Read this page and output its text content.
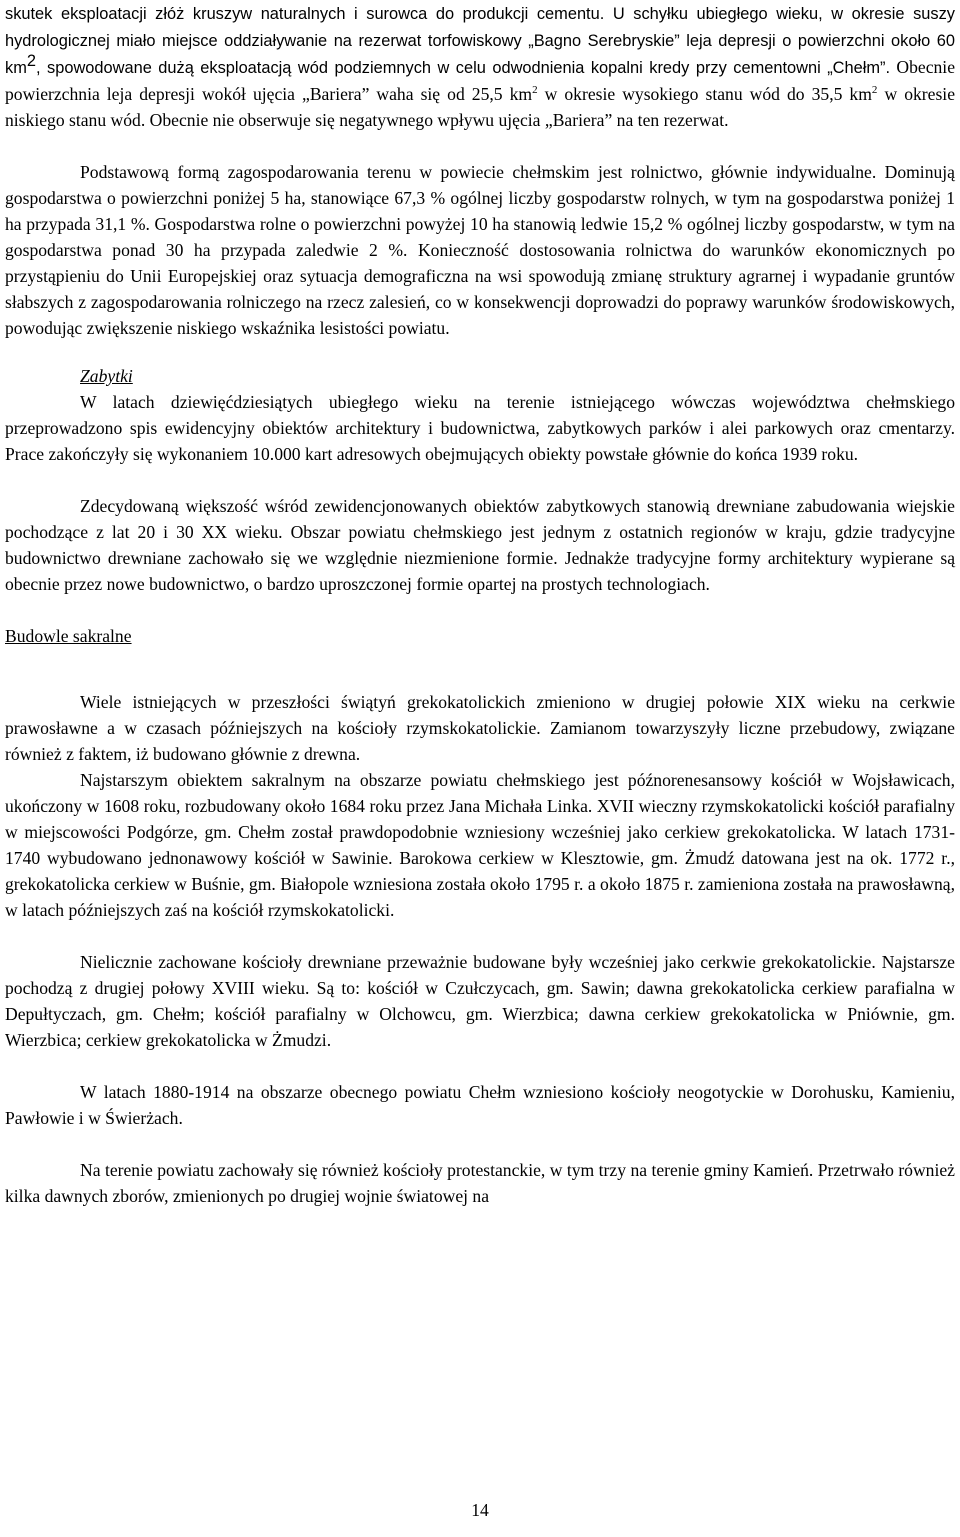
skutek eksploatacji złóż kruszyw naturalnych i surowca do produkcji cementu. U schyłku ubiegłego wieku, w okresie suszy hydrologicznej miało miejsce oddziaływanie na rezerwat torfowiskowy „Bagno Serebryskie” leja depresji o powierzchni około 60 $km^2$, spowodowane dużą eksploatacją wód podziemnych w celu odwodnienia kopalni kredy przy cementowni „Chełm”. Obecnie powierzchnia leja depresji wokół ujęcia „Bariera” waha się od 25,5 $km^2$ w okresie wysokiego stanu wód do 35,5 $km^2$ w okresie niskiego stanu wód. Obecnie nie obserwuje się negatywnego wpływu ujęcia „Bariera” na ten rezerwat.

Podstawową formą zagospodarowania terenu w powiecie chełmskim jest rolnictwo, głównie indywidualne. Dominują gospodarstwa o powierzchni poniżej 5 ha, stanowiące 67,3 % ogólnej liczby gospodarstw rolnych, w tym na gospodarstwa poniżej 1 ha przypada 31,1 %. Gospodarstwa rolne o powierzchni powyżej 10 ha stanowią ledwie 15,2 % ogólnej liczby gospodarstw, w tym na gospodarstwa ponad 30 ha przypada zaledwie 2 %. Konieczność dostosowania rolnictwa do warunków ekonomicznych po przystąpieniu do Unii Europejskiej oraz sytuacja demograficzna na wsi spowodują zmianę struktury agrarnej i wypadanie gruntów słabszych z zagospodarowania rolniczego na rzecz zalesień, co w konsekwencji doprowadzi do poprawy warunków środowiskowych, powodując zwiększenie niskiego wskaźnika lesistości powiatu.

Zabytki

W latach dziewięćdziesiątych ubiegłego wieku na terenie istniejącego wówczas województwa chełmskiego przeprowadzono spis ewidencyjny obiektów architektury i budownictwa, zabytkowych parków i alei parkowych oraz cmentarzy. Prace zakończyły się wykonaniem 10.000 kart adresowych obejmujących obiekty powstałe głównie do końca 1939 roku.

Zdecydowaną większość wśród zewidencjonowanych obiektów zabytkowych stanowią drewniane zabudowania wiejskie pochodzące z lat 20 i 30 XX wieku. Obszar powiatu chełmskiego jest jednym z ostatnich regionów w kraju, gdzie tradycyjne budownictwo drewniane zachowało się we względnie niezmienione formie. Jednakże tradycyjne formy architektury wypierane są obecnie przez nowe budownictwo, o bardzo uproszczonej formie opartej na prostych technologiach.

Budowle sakralne

Wiele istniejących w przeszłości świątyń grekokatolickich zmieniono w drugiej połowie XIX wieku na cerkwie prawosławne a w czasach późniejszych na kościoły rzymskokatolickie. Zamianom towarzyszyły liczne przebudowy, związane również z faktem, iż budowano głównie z drewna.

Najstarszym obiektem sakralnym na obszarze powiatu chełmskiego jest późnorenesansowy kościół w Wojsławicach, ukończony w 1608 roku, rozbudowany około 1684 roku przez Jana Michała Linka. XVII wieczny rzymskokatolicki kościół parafialny w miejscowości Podgórze, gm. Chełm został prawdopodobnie wzniesiony wcześniej jako cerkiew grekokatolicka. W latach 1731-1740 wybudowano jednonawowy kościół w Sawinie. Barokowa cerkiew w Klesztowie, gm. Żmudź datowana jest na ok. 1772 r., grekokatolicka cerkiew w Buśnie, gm. Białopole wzniesiona została około 1795 r. a około 1875 r. zamieniona została na prawosławną, w latach późniejszych zaś na kościół rzymskokatolicki.

Nielicznie zachowane kościoły drewniane przeważnie budowane były wcześniej jako cerkwie grekokatolickie. Najstarsze pochodzą z drugiej połowy XVIII wieku. Są to: kościół w Czułczycach, gm. Sawin; dawna grekokatolicka cerkiew parafialna w Depułtyczach, gm. Chełm; kościół parafialny w Olchowcu, gm. Wierzbica; dawna cerkiew grekokatolicka w Pniównie, gm. Wierzbica; cerkiew grekokatolicka w Żmudzi.

W latach 1880-1914 na obszarze obecnego powiatu Chełm wzniesiono kościoły neogotyckie w Dorohusku, Kamieniu, Pawłowie i w Świerżach.

Na terenie powiatu zachowały się również kościoły protestanckie, w tym trzy na terenie gminy Kamień. Przetrwało również kilka dawnych zborów, zmienionych po drugiej wojnie światowej na

14
